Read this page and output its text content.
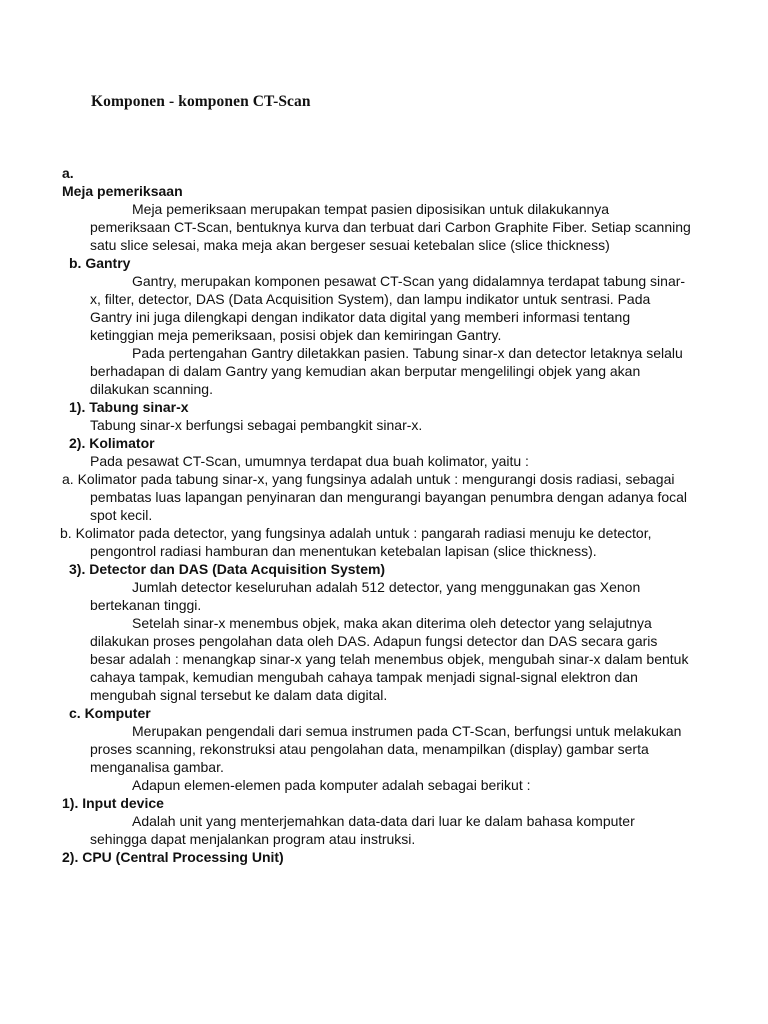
Komponen - komponen CT-Scan

a.

Meja pemeriksaan

Meja pemeriksaan merupakan tempat pasien diposisikan untuk dilakukannya pemeriksaan CT-Scan, bentuknya kurva dan terbuat dari Carbon Graphite Fiber. Setiap scanning satu slice selesai, maka meja akan bergeser sesuai ketebalan slice (slice thickness)

b. Gantry

Gantry, merupakan komponen pesawat CT-Scan yang didalamnya terdapat tabung sinar-x, filter, detector, DAS (Data Acquisition System), dan lampu indikator untuk sentrasi. Pada Gantry ini juga dilengkapi dengan indikator data digital yang memberi informasi tentang ketinggian meja pemeriksaan, posisi objek dan kemiringan Gantry.

Pada pertengahan Gantry diletakkan pasien. Tabung sinar-x dan detector letaknya selalu berhadapan di dalam Gantry yang kemudian akan berputar mengelilingi objek yang akan dilakukan scanning.

1). Tabung sinar-x

Tabung sinar-x berfungsi sebagai pembangkit sinar-x.

2). Kolimator

Pada pesawat CT-Scan, umumnya terdapat dua buah kolimator, yaitu :

a. Kolimator pada tabung sinar-x, yang fungsinya adalah untuk : mengurangi dosis radiasi, sebagai pembatas luas lapangan penyinaran dan mengurangi bayangan penumbra dengan adanya focal spot kecil.

b. Kolimator pada detector, yang fungsinya adalah untuk : pangarah radiasi menuju ke detector, pengontrol radiasi hamburan dan menentukan ketebalan lapisan (slice thickness).

3). Detector dan DAS (Data Acquisition System)

Jumlah detector keseluruhan adalah 512 detector, yang menggunakan gas Xenon bertekanan tinggi.

Setelah sinar-x menembus objek, maka akan diterima oleh detector yang selajutnya dilakukan proses pengolahan data oleh DAS. Adapun fungsi detector dan DAS secara garis besar adalah : menangkap sinar-x yang telah menembus objek, mengubah sinar-x dalam bentuk cahaya tampak, kemudian mengubah cahaya tampak menjadi signal-signal elektron dan mengubah signal tersebut ke dalam data digital.

c. Komputer

Merupakan pengendali dari semua instrumen pada CT-Scan, berfungsi untuk melakukan proses scanning, rekonstruksi atau pengolahan data, menampilkan (display) gambar serta menganalisa gambar.

Adapun elemen-elemen pada komputer adalah sebagai berikut :

1). Input device

Adalah unit yang menterjemahkan data-data dari luar ke dalam bahasa komputer sehingga dapat menjalankan program atau instruksi.

2). CPU (Central Processing Unit)
